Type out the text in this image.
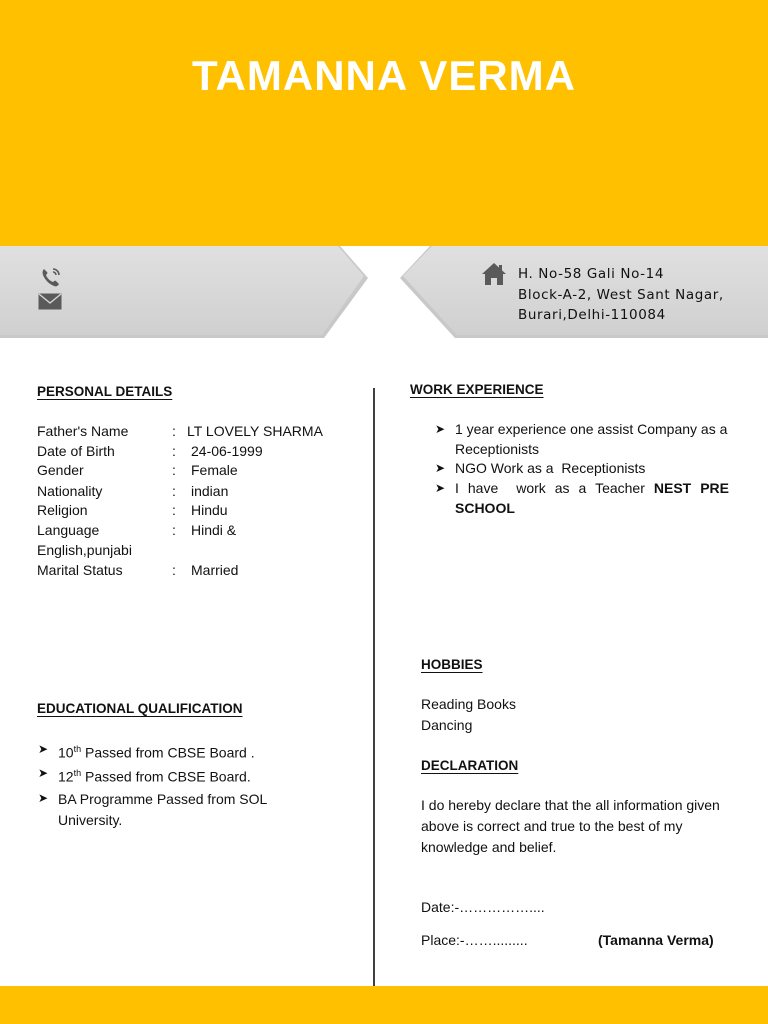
TAMANNA VERMA
H. No-58 Gali No-14
Block-A-2, West Sant Nagar,
Burari,Delhi-110084
PERSONAL DETAILS
Father's Name	: LT LOVELY SHARMA
Date of Birth	: 24-06-1999
Gender	: Female
Nationality	: indian
Religion	: Hindu
Language	: Hindi &
English,punjabi
Marital Status	: Married
EDUCATIONAL QUALIFICATION
➤ 10th Passed from CBSE Board .
➤ 12th Passed from CBSE Board.
➤ BA Programme Passed from SOL University.
WORK EXPERIENCE
➤ 1 year experience one assist Company as a Receptionists
➤ NGO Work as a  Receptionists
➤ I have  work as a Teacher NEST PRE SCHOOL
HOBBIES
Reading Books
Dancing
DECLARATION
I do hereby declare that the all information given above is correct and true to the best of my knowledge and belief.
Date:-……………....
Place:-…….........	(Tamanna Verma)
